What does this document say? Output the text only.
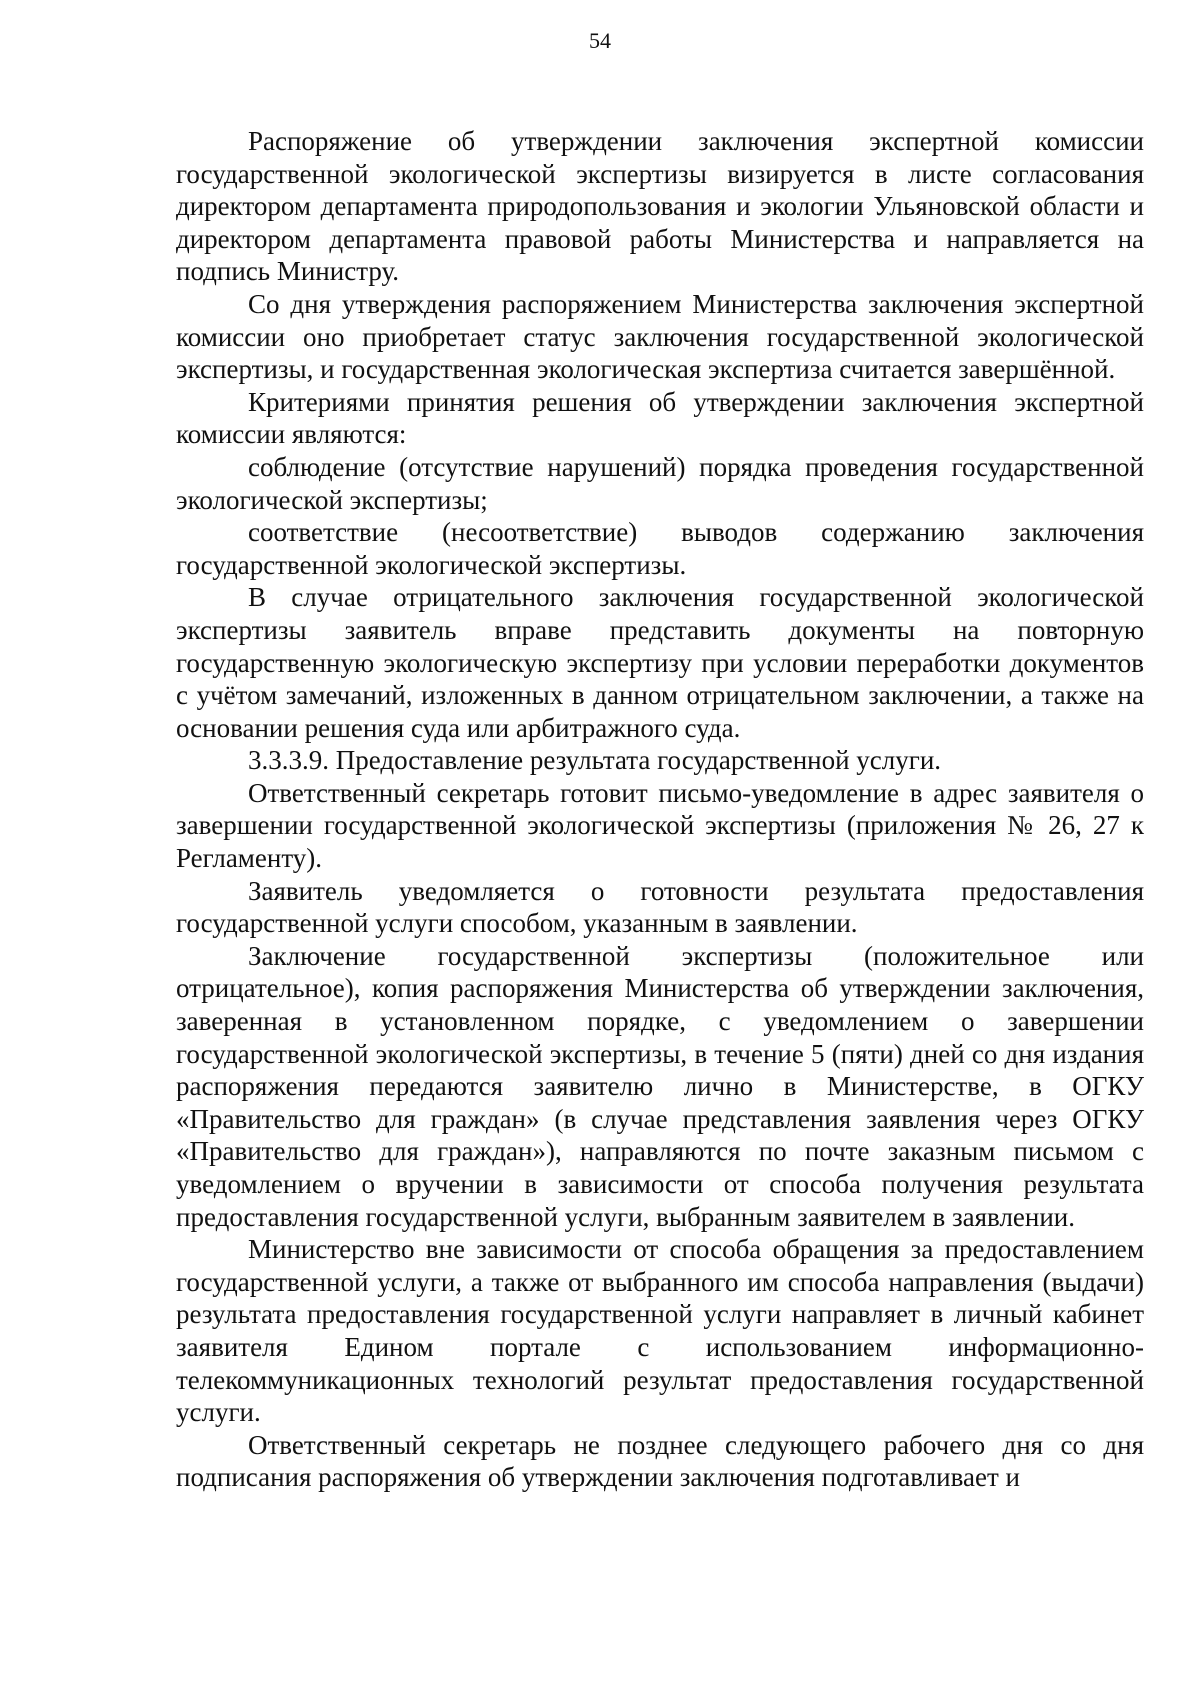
54

Распоряжение об утверждении заключения экспертной комиссии государственной экологической экспертизы визируется в листе согласования директором департамента природопользования и экологии Ульяновской области и директором департамента правовой работы Министерства и направляется на подпись Министру.

Со дня утверждения распоряжением Министерства заключения экспертной комиссии оно приобретает статус заключения государственной экологической экспертизы, и государственная экологическая экспертиза считается завершённой.

Критериями принятия решения об утверждении заключения экспертной комиссии являются:

соблюдение (отсутствие нарушений) порядка проведения государственной экологической экспертизы;

соответствие (несоответствие) выводов содержанию заключения государственной экологической экспертизы.

В случае отрицательного заключения государственной экологической экспертизы заявитель вправе представить документы на повторную государственную экологическую экспертизу при условии переработки документов с учётом замечаний, изложенных в данном отрицательном заключении, а также на основании решения суда или арбитражного суда.

3.3.3.9. Предоставление результата государственной услуги.

Ответственный секретарь готовит письмо-уведомление в адрес заявителя о завершении государственной экологической экспертизы (приложения № 26, 27 к Регламенту).

Заявитель уведомляется о готовности результата предоставления государственной услуги способом, указанным в заявлении.

Заключение государственной экспертизы (положительное или отрицательное), копия распоряжения Министерства об утверждении заключения, заверенная в установленном порядке, с уведомлением о завершении государственной экологической экспертизы, в течение 5 (пяти) дней со дня издания распоряжения передаются заявителю лично в Министерстве, в ОГКУ «Правительство для граждан» (в случае представления заявления через ОГКУ «Правительство для граждан»), направляются по почте заказным письмом с уведомлением о вручении в зависимости от способа получения результата предоставления государственной услуги, выбранным заявителем в заявлении.

Министерство вне зависимости от способа обращения за предоставлением государственной услуги, а также от выбранного им способа направления (выдачи) результата предоставления государственной услуги направляет в личный кабинет заявителя Едином портале с использованием информационно-телекоммуникационных технологий результат предоставления государственной услуги.

Ответственный секретарь не позднее следующего рабочего дня со дня подписания распоряжения об утверждении заключения подготавливает и
